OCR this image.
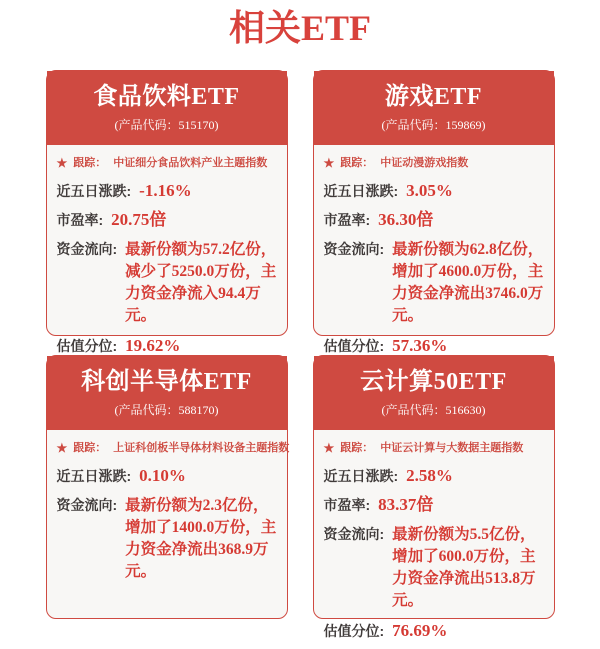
相关ETF
食品饮料ETF
(产品代码：515170)
★ 跟踪： 中证细分食品饮料产业主题指数
近五日涨跌: -1.16%
市盈率: 20.75倍
资金流向: 最新份额为57.2亿份，减少了5250.0万份，主力资金净流入94.4万元。
估值分位: 19.62%
游戏ETF
(产品代码：159869)
★ 跟踪： 中证动漫游戏指数
近五日涨跌: 3.05%
市盈率: 36.30倍
资金流向: 最新份额为62.8亿份，增加了4600.0万份，主力资金净流出3746.0万元。
估值分位: 57.36%
科创半导体ETF
(产品代码：588170)
★ 跟踪： 上证科创板半导体材料设备主题指数
近五日涨跌: 0.10%
资金流向: 最新份额为2.3亿份，增加了1400.0万份，主力资金净流出368.9万元。
云计算50ETF
(产品代码：516630)
★ 跟踪： 中证云计算与大数据主题指数
近五日涨跌: 2.58%
市盈率: 83.37倍
资金流向: 最新份额为5.5亿份，增加了600.0万份，主力资金净流出513.8万元。
估值分位: 76.69%
